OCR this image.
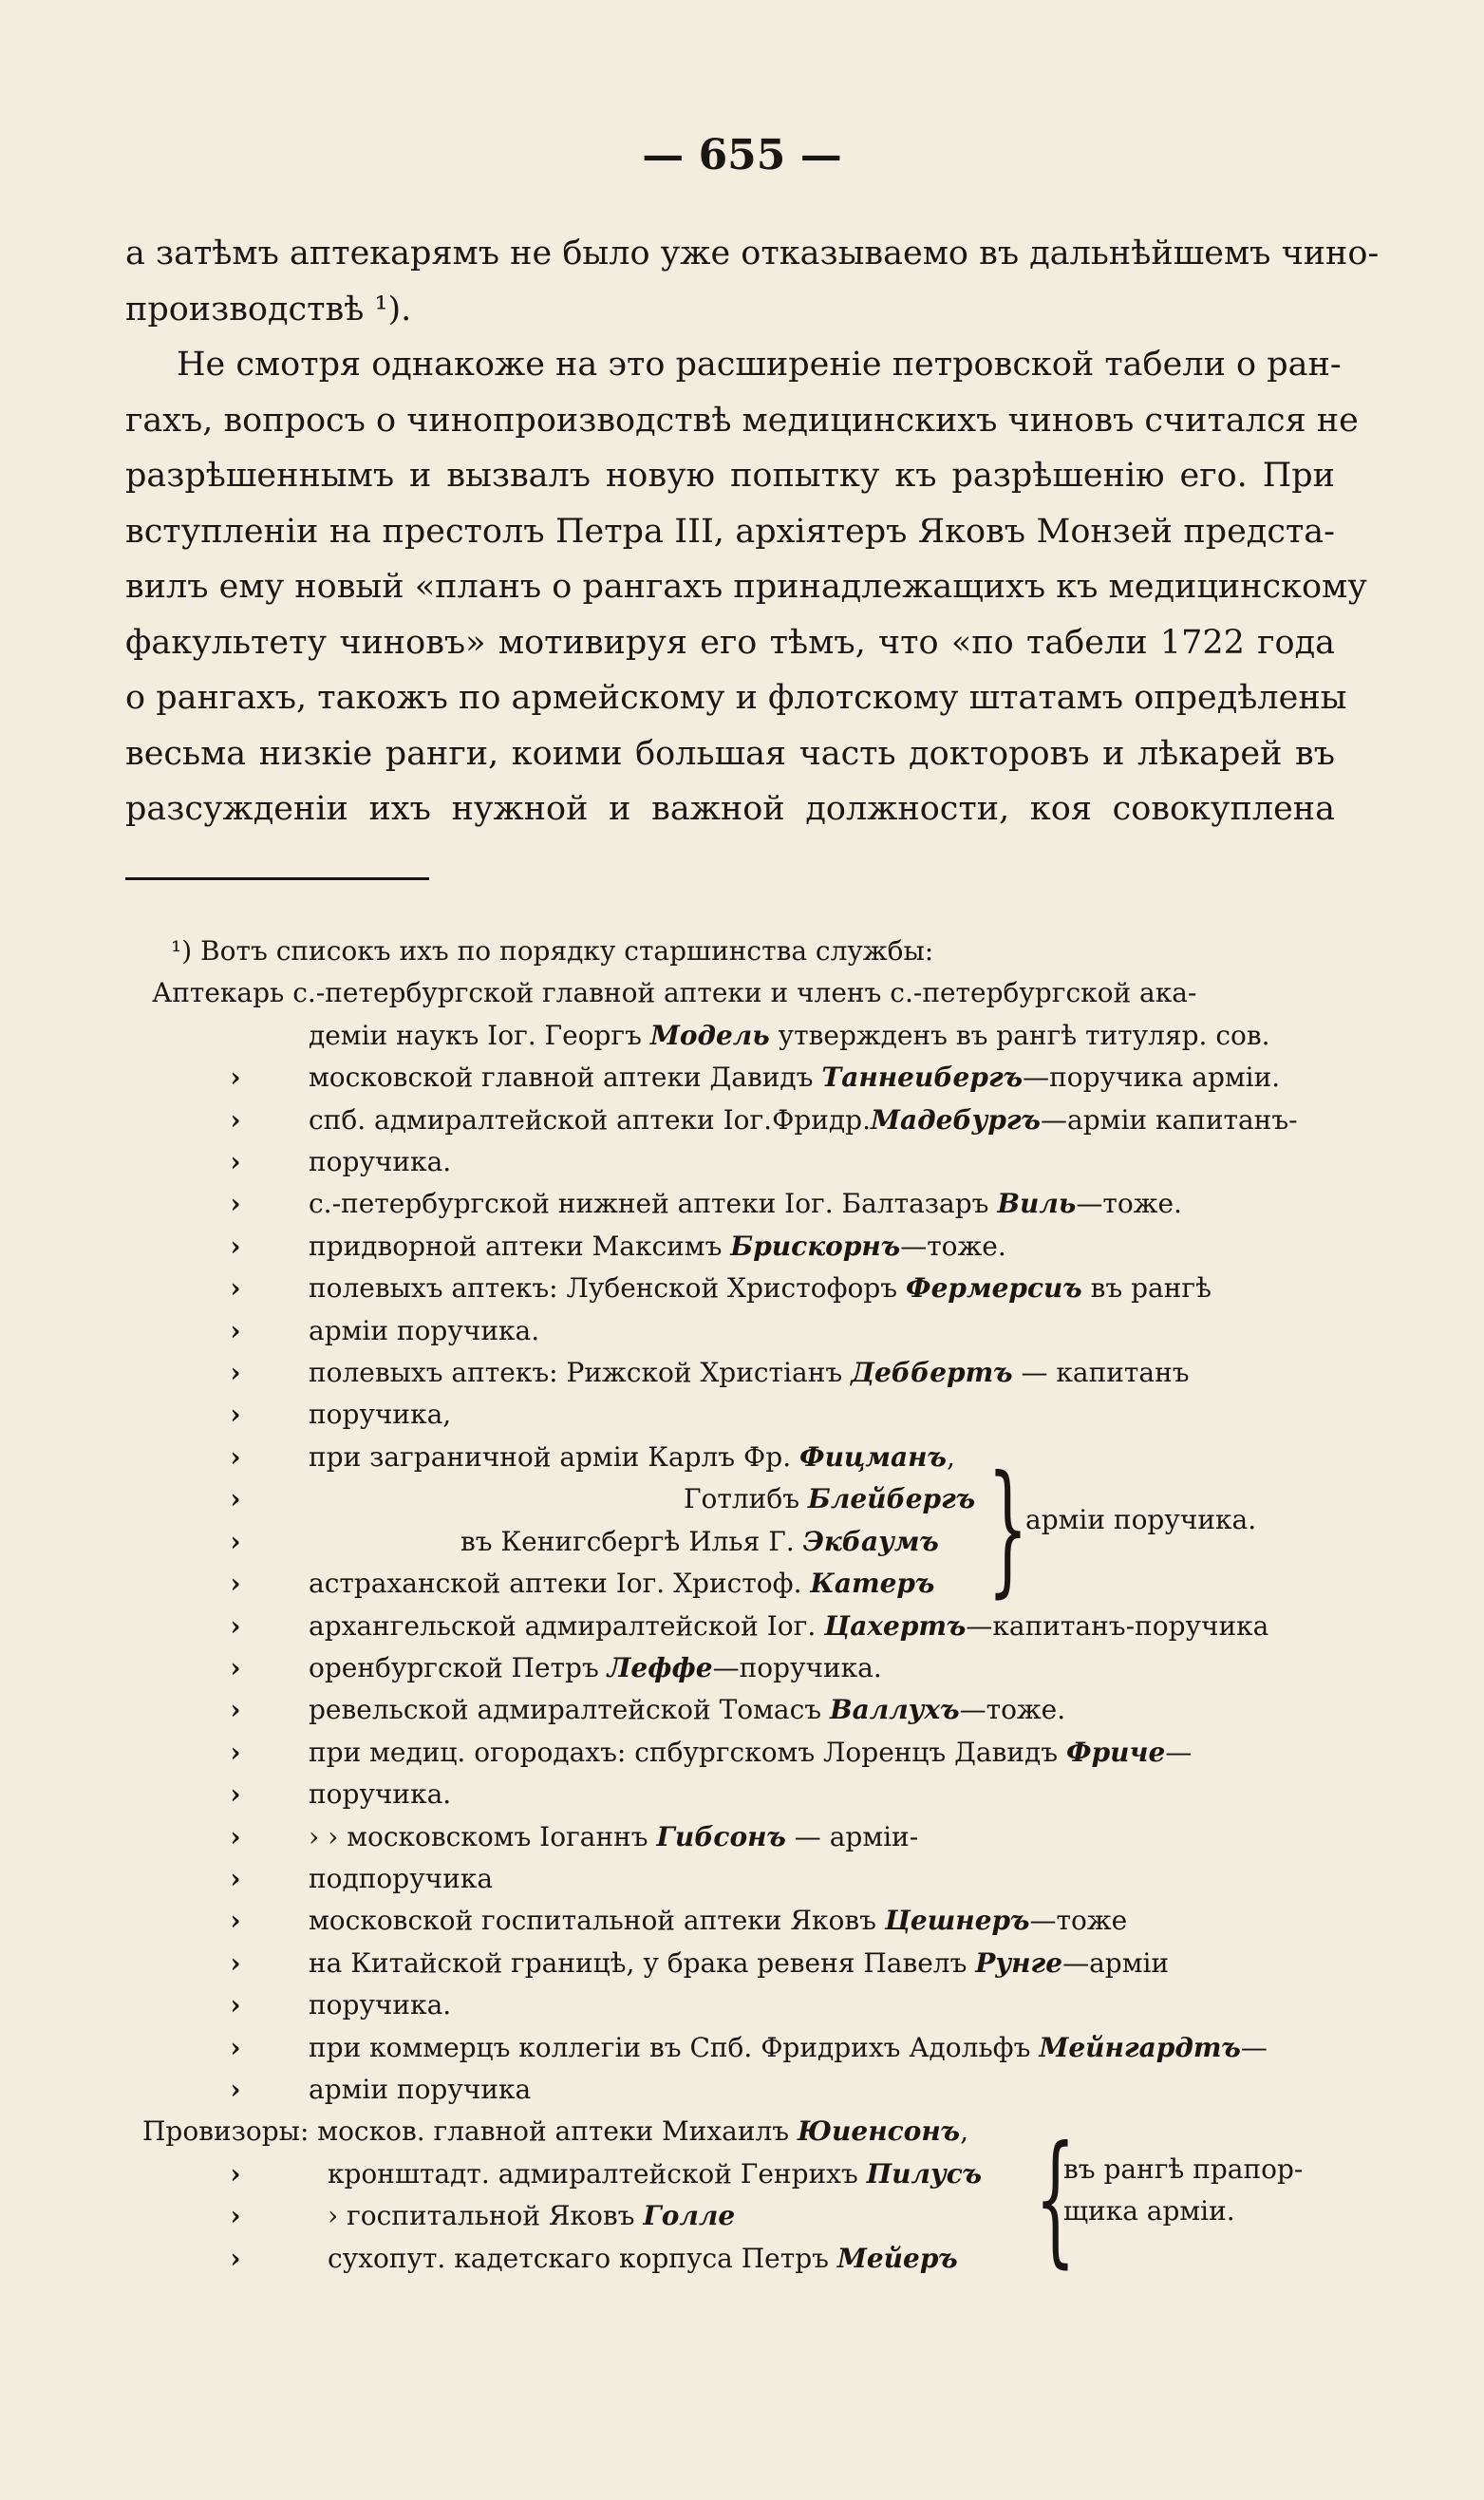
— 655 —
а затѣмъ аптекарямъ не было уже отказываемо въ дальнѣйшемъ чино-
производствѣ ¹).
Не смотря однакоже на это расширеніе петровской табели о ран-
гахъ, вопросъ о чинопроизводствѣ медицинскихъ чиновъ считался не
разрѣшеннымъ и вызвалъ новую попытку къ разрѣшенію его. При
вступленіи на престолъ Петра III, архіятеръ Яковъ Монзей предста-
вилъ ему новый «планъ о рангахъ принадлежащихъ къ медицинскому
факультету чиновъ» мотивируя его тѣмъ, что «по табели 1722 года
о рангахъ, такожъ по армейскому и флотскому штатамъ опредѣлены
весьма низкіе ранги, коими большая часть докторовъ и лѣкарей въ
разсужденіи ихъ нужной и важной должности, коя совокуплена
¹) Вотъ списокъ ихъ по порядку старшинства службы:
Аптекарь с.-петербургской главной аптеки и членъ с.-петербургской ака-
деміи наукъ Іог. Георгъ Модель утвержденъ въ рангѣ титуляр. сов.
›	московской главной аптеки Давидъ Таннеибергъ—поручика арміи.
›	спб. адмиралтейской аптеки Іог.Фридр.Мадебургъ—арміи капитанъ-
›	поручика.
›	с.-петербургской нижней аптеки Іог. Балтазаръ Виль—тоже.
›	придворной аптеки Максимъ Брискорнъ—тоже.
›	полевыхъ аптекъ: Лубенской Христофоръ Фермерсиъ въ рангѣ
›	арміи поручика.
›	полевыхъ аптекъ: Рижской Христіанъ Деббертъ — капитанъ
›	поручика,
›	при заграничной арміи Карлъ Фр. Фицманъ,
›	Готлибъ Блейбергъ
›	въ Кенигсбергѣ Илья Г. Экбаумъ
›	астраханской аптеки Іог. Христоф. Катеръ }
арміи поручика.
›	архангельской адмиралтейской Іог. Цахертъ—капитанъ-поручика
›	оренбургской Петръ Леффе—поручика.
›	ревельской адмиралтейской Томасъ Валлухъ—тоже.
›	при медиц. огородахъ: спбургскомъ Лоренцъ Давидъ Фриче—
›	поручика.
›	› › московскомъ Іоганнъ Гибсонъ — арміи-
›	подпоручика
›	московской госпитальной аптеки Яковъ Цешнеръ—тоже
›	на Китайской границѣ, у брака ревеня Павелъ Рунге—арміи
›	поручика.
›	при коммерцъ коллегіи въ Спб. Фридрихъ Адольфъ Мейнгардтъ—
›	арміи поручика
Провизоры: москов. главной аптеки Михаилъ Юиенсонъ,
›	кронштадт. адмиралтейской Генрихъ Пилусъ
›	› госпитальной Яковъ Голле
›	сухопут. кадетскаго корпуса Петръ Мейеръ {
въ рангѣ прапор-
щика арміи.
